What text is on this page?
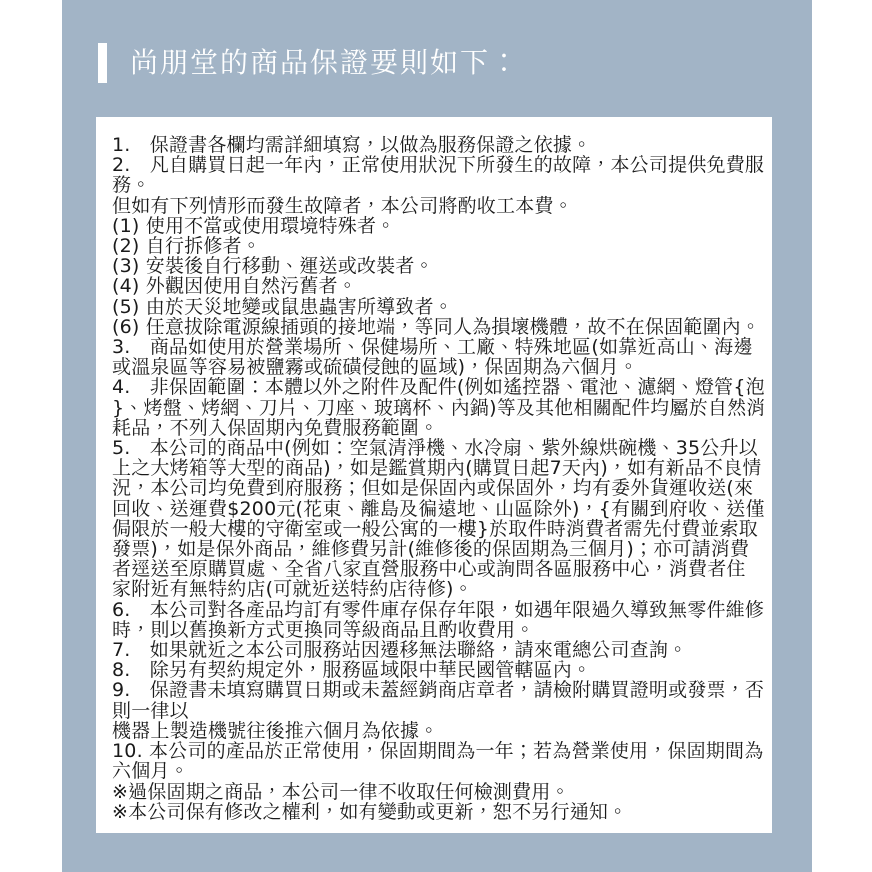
尚朋堂的商品保證要則如下：
1.　保證書各欄均需詳細填寫，以做為服務保證之依據。
2.　凡自購買日起一年內，正常使用狀況下所發生的故障，本公司提供免費服
務。
但如有下列情形而發生故障者，本公司將酌收工本費。
(1) 使用不當或使用環境特殊者。
(2) 自行拆修者。
(3) 安裝後自行移動、運送或改裝者。
(4) 外觀因使用自然污舊者。
(5) 由於天災地變或鼠患蟲害所導致者。
(6) 任意拔除電源線插頭的接地端，等同人為損壞機體，故不在保固範圍內。
3.　商品如使用於營業場所、保健場所、工廠、特殊地區(如靠近高山、海邊
或溫泉區等容易被鹽霧或硫磺侵蝕的區域)，保固期為六個月。
4.　非保固範圍：本體以外之附件及配件(例如遙控器、電池、濾網、燈管{泡
}、烤盤、烤網、刀片、刀座、玻璃杯、內鍋)等及其他相關配件均屬於自然消
耗品，不列入保固期內免費服務範圍。
5.　本公司的商品中(例如：空氣清淨機、水冷扇、紫外線烘碗機、35公升以
上之大烤箱等大型的商品)，如是鑑賞期內(購買日起7天內)，如有新品不良情
況，本公司均免費到府服務；但如是保固內或保固外，均有委外貨運收送(來
回收、送運費$200元(花東、離島及徧遠地、山區除外)，{有關到府收、送僅
侷限於一般大樓的守衛室或一般公寓的一樓}於取件時消費者需先付費並索取
發票)，如是保外商品，維修費另計(維修後的保固期為三個月)；亦可請消費
者逕送至原購買處、全省八家直營服務中心或詢問各區服務中心，消費者住
家附近有無特約店(可就近送特約店待修)。
6.　本公司對各產品均訂有零件庫存保存年限，如遇年限過久導致無零件維修
時，則以舊換新方式更換同等級商品且酌收費用。
7.　如果就近之本公司服務站因遷移無法聯絡，請來電總公司查詢。
8.　除另有契約規定外，服務區域限中華民國管轄區內。
9.　保證書未填寫購買日期或未蓋經銷商店章者，請檢附購買證明或發票，否
則一律以
機器上製造機號往後推六個月為依據。
10. 本公司的產品於正常使用，保固期間為一年；若為營業使用，保固期間為
六個月。
※過保固期之商品，本公司一律不收取任何檢測費用。
※本公司保有修改之權利，如有變動或更新，恕不另行通知。
